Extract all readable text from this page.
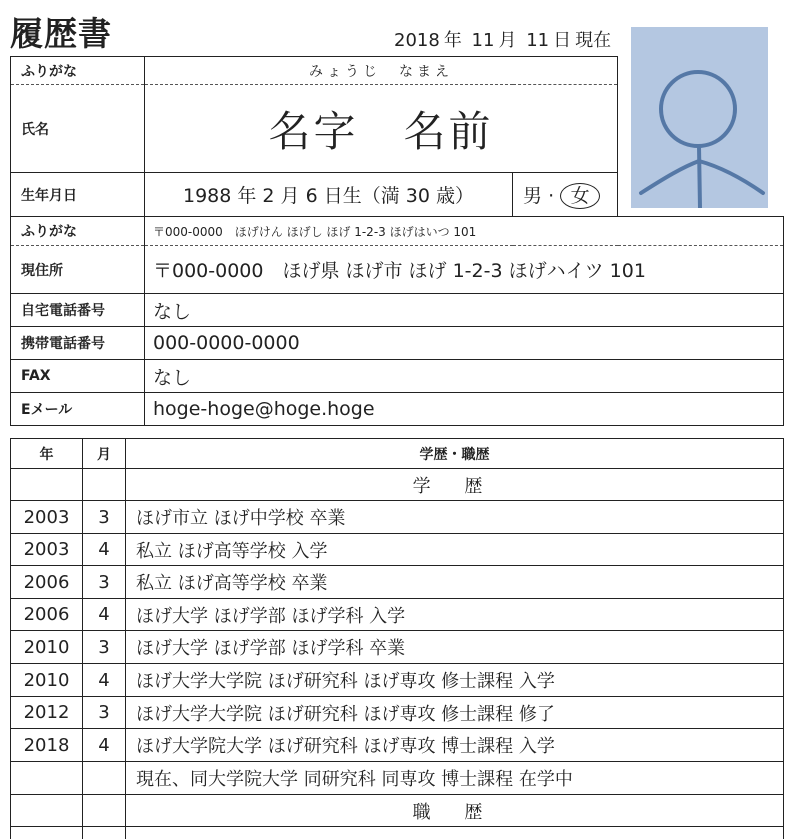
履歴書	2018 年 11 月 11 日 現在
ふりがな	みょうじ　なまえ		
氏名	名字　名前		
生年月日	1988 年 2 月 6 日生（満 30 歳）	男 · 女	
ふりがな	〒000-0000　ほげけん ほげし ほげ 1-2-3 ほげはいつ 101		
現住所	〒000-0000　ほげ県 ほげ市 ほげ 1-2-3 ほげハイツ 101		
自宅電話番号	なし		
携帯電話番号	000-0000-0000		
FAX	なし		
Eメール	hoge-hoge@hoge.hoge		
年	月	学歴・職歴
		学 歴
2003	3	ほげ市立 ほげ中学校 卒業
2003	4	私立 ほげ高等学校 入学
2006	3	私立 ほげ高等学校 卒業
2006	4	ほげ大学 ほげ学部 ほげ学科 入学
2010	3	ほげ大学 ほげ学部 ほげ学科 卒業
2010	4	ほげ大学大学院 ほげ研究科 ほげ専攻 修士課程 入学
2012	3	ほげ大学大学院 ほげ研究科 ほげ専攻 修士課程 修了
2018	4	ほげ大学院大学 ほげ研究科 ほげ専攻 博士課程 入学
		現在、同大学院大学 同研究科 同専攻 博士課程 在学中
		職 歴
